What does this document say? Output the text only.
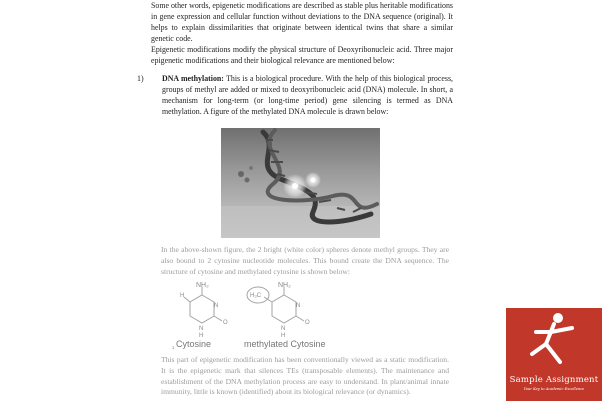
Some other words, epigenetic modifications are described as stable plus heritable modifications in gene expression and cellular function without deviations to the DNA sequence (original). It helps to explain dissimilarities that originate between identical twins that share a similar genetic code.

Epigenetic modifications modify the physical structure of Deoxyribonucleic acid. Three major epigenetic modifications and their biological relevance are mentioned below:

1) DNA methylation: This is a biological procedure. With the help of this biological process, groups of methyl are added or mixed to deoxyribonucleic acid (DNA) molecule. In short, a mechanism for long-term (or long-time period) gene silencing is termed as DNA methylation. A figure of the methylated DNA molecule is drawn below:

In the above-shown figure, the 2 bright (white color) spheres denote methyl groups. They are also bound to 2 cytosine nucleotide molecules. This bound create the DNA sequence. The structure of cytosine and methylated cytosine is shown below:

NH₂
H
N
N
H
O
NH₂
H₃C
N
N
H
O
1 Cytosine	methylated Cytosine

This part of epigenetic modification has been conventionally viewed as a static modification. It is the epigenetic mark that silences TEs (transposable elements). The maintenance and establishment of the DNA methylation process are easy to understand. In plant/animal innate immunity, little is known (identified) about its biological relevance (or dynamics).

Sample Assignment
Your Key to Academic Excellence
